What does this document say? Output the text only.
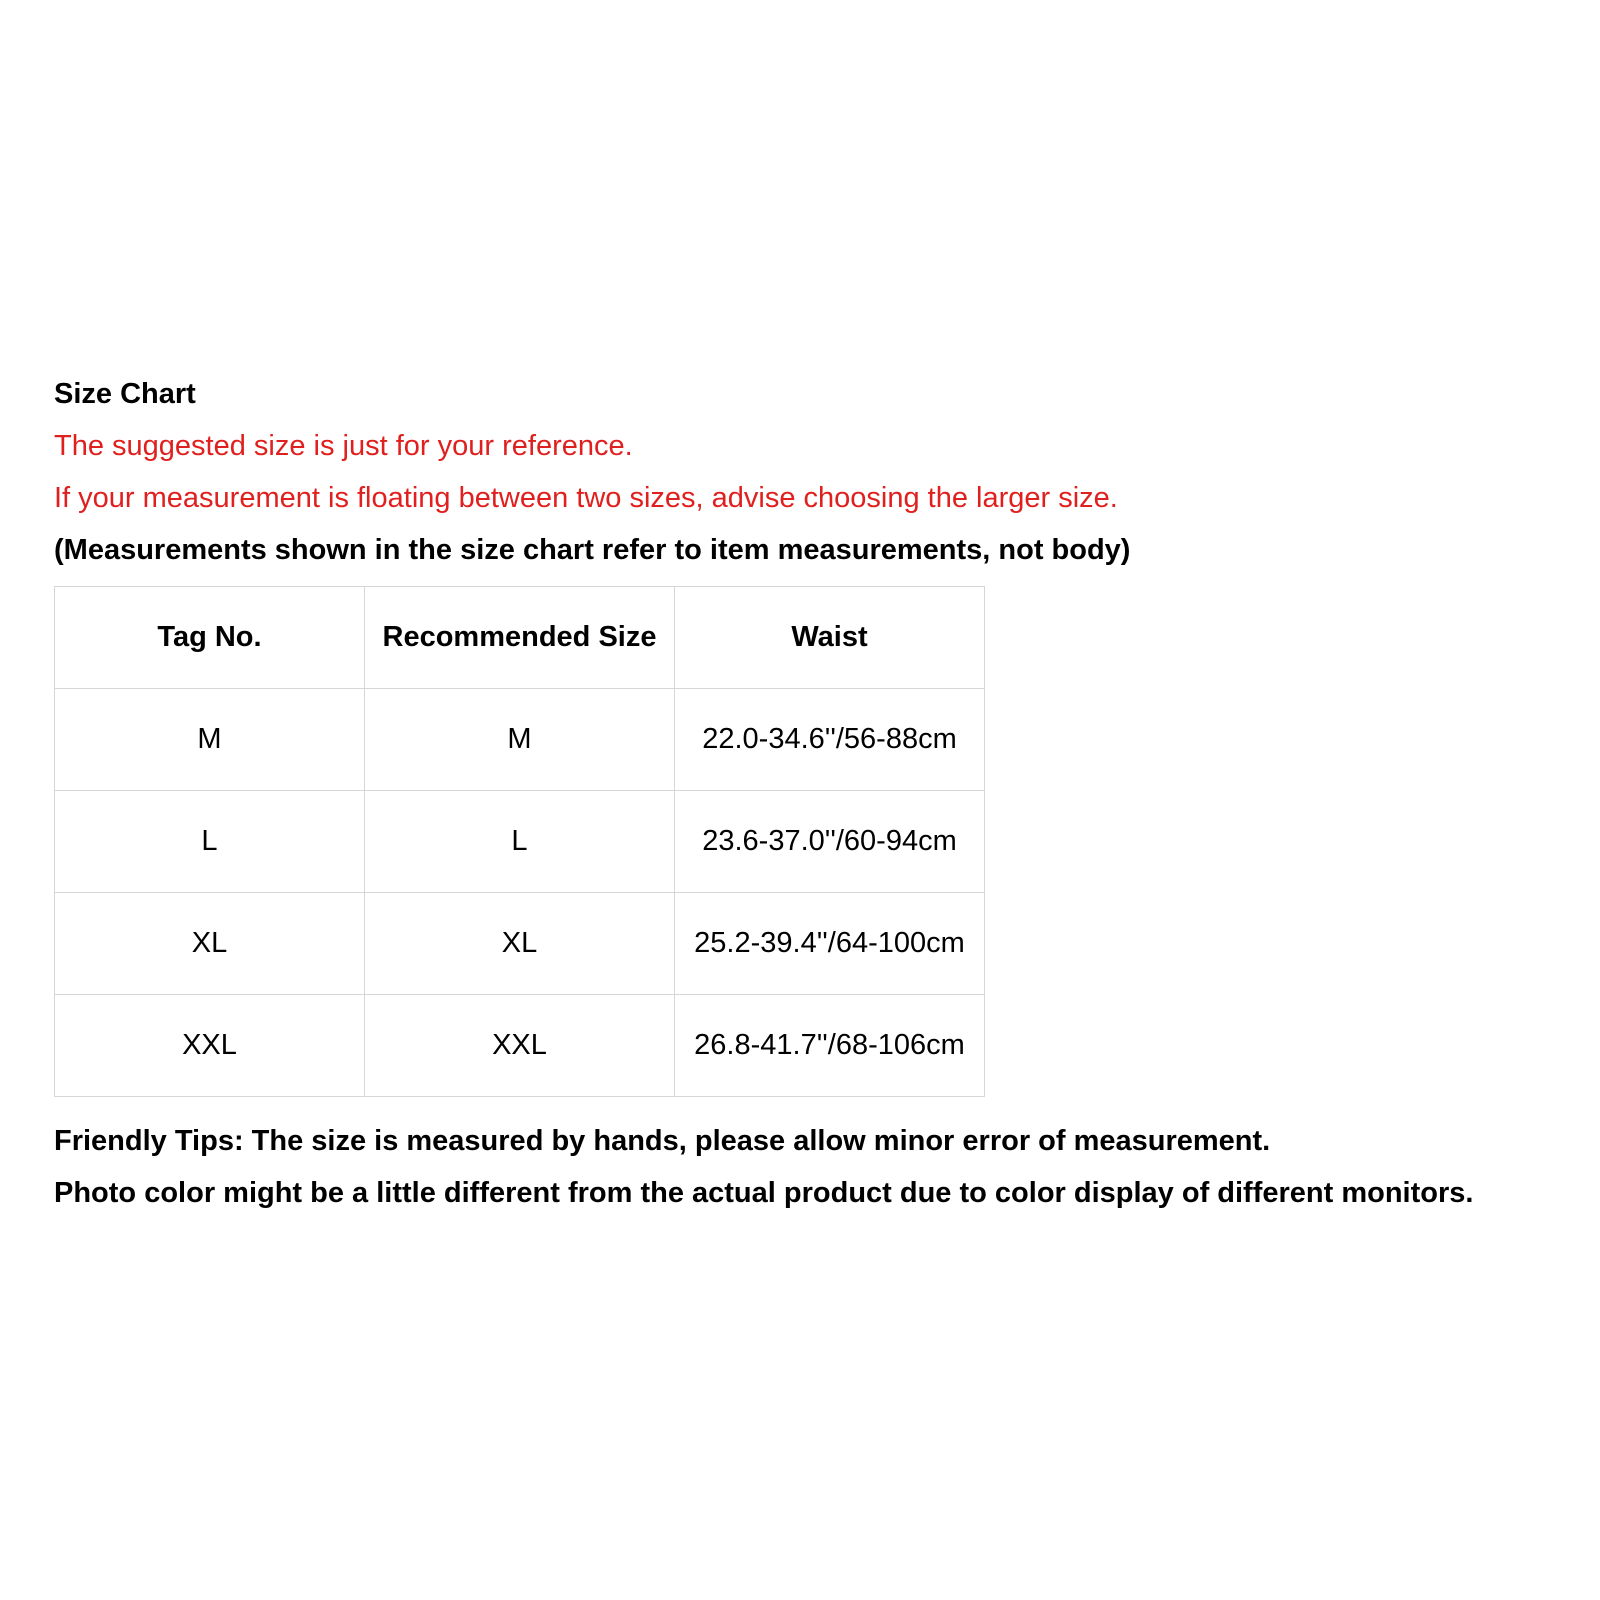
Size Chart
The suggested size is just for your reference.
If your measurement is floating between two sizes, advise choosing the larger size.
(Measurements shown in the size chart refer to item measurements, not body)
Tag No.	Recommended Size	Waist
M	M	22.0-34.6''/56-88cm
L	L	23.6-37.0''/60-94cm
XL	XL	25.2-39.4''/64-100cm
XXL	XXL	26.8-41.7''/68-106cm
Friendly Tips: The size is measured by hands, please allow minor error of measurement.
Photo color might be a little different from the actual product due to color display of different monitors.
